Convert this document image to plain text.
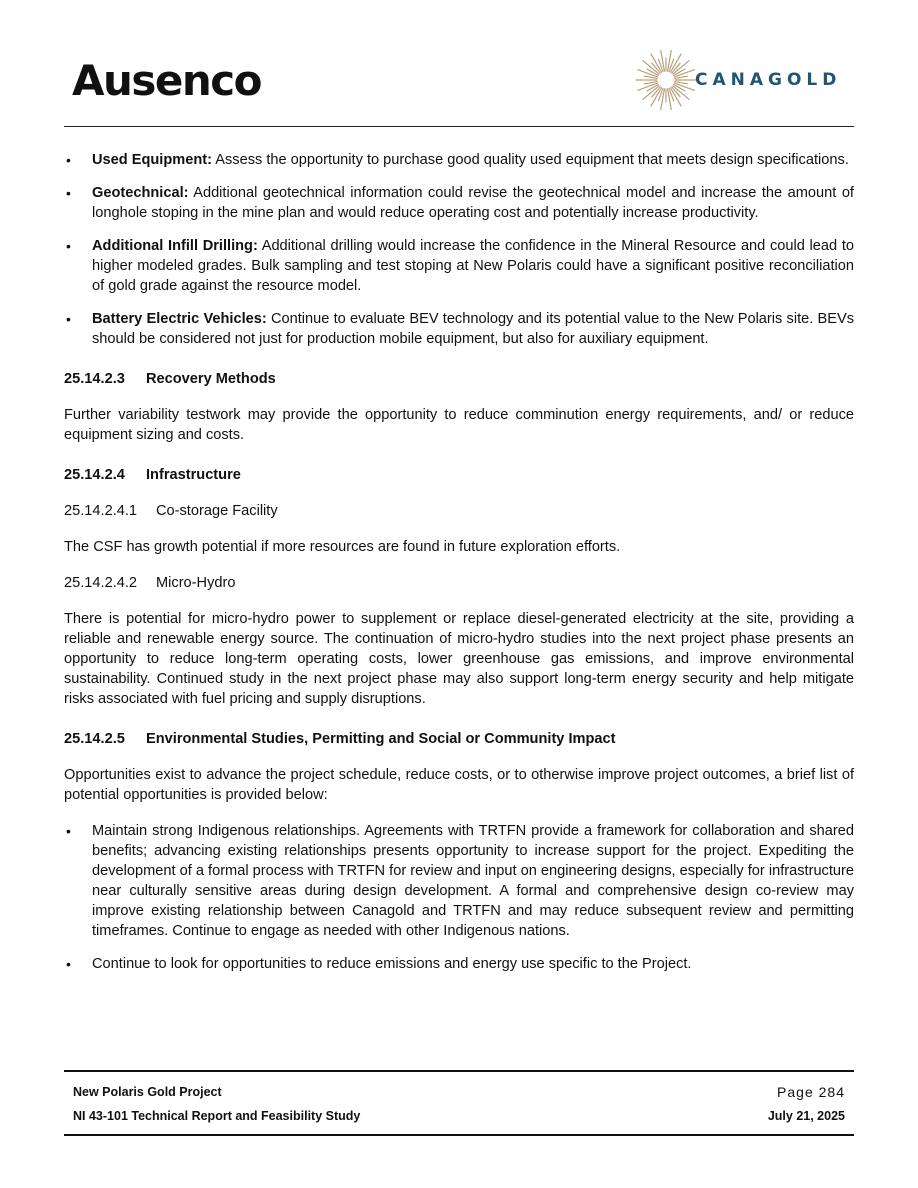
Ausenco	CANAGOLD
• Used Equipment: Assess the opportunity to purchase good quality used equipment that meets design specifications.
• Geotechnical: Additional geotechnical information could revise the geotechnical model and increase the amount of longhole stoping in the mine plan and would reduce operating cost and potentially increase productivity.
• Additional Infill Drilling: Additional drilling would increase the confidence in the Mineral Resource and could lead to higher modeled grades. Bulk sampling and test stoping at New Polaris could have a significant positive reconciliation of gold grade against the resource model.
• Battery Electric Vehicles: Continue to evaluate BEV technology and its potential value to the New Polaris site. BEVs should be considered not just for production mobile equipment, but also for auxiliary equipment.
25.14.2.3 Recovery Methods
Further variability testwork may provide the opportunity to reduce comminution energy requirements, and/ or reduce equipment sizing and costs.
25.14.2.4 Infrastructure
25.14.2.4.1 Co-storage Facility
The CSF has growth potential if more resources are found in future exploration efforts.
25.14.2.4.2 Micro-Hydro
There is potential for micro-hydro power to supplement or replace diesel-generated electricity at the site, providing a reliable and renewable energy source. The continuation of micro-hydro studies into the next project phase presents an opportunity to reduce long-term operating costs, lower greenhouse gas emissions, and improve environmental sustainability. Continued study in the next project phase may also support long-term energy security and help mitigate risks associated with fuel pricing and supply disruptions.
25.14.2.5 Environmental Studies, Permitting and Social or Community Impact
Opportunities exist to advance the project schedule, reduce costs, or to otherwise improve project outcomes, a brief list of potential opportunities is provided below:
• Maintain strong Indigenous relationships. Agreements with TRTFN provide a framework for collaboration and shared benefits; advancing existing relationships presents opportunity to increase support for the project. Expediting the development of a formal process with TRTFN for review and input on engineering designs, especially for infrastructure near culturally sensitive areas during design development. A formal and comprehensive design co-review may improve existing relationship between Canagold and TRTFN and may reduce subsequent review and permitting timeframes. Continue to engage as needed with other Indigenous nations.
• Continue to look for opportunities to reduce emissions and energy use specific to the Project.
New Polaris Gold Project
NI 43-101 Technical Report and Feasibility Study
Page 284
July 21, 2025
